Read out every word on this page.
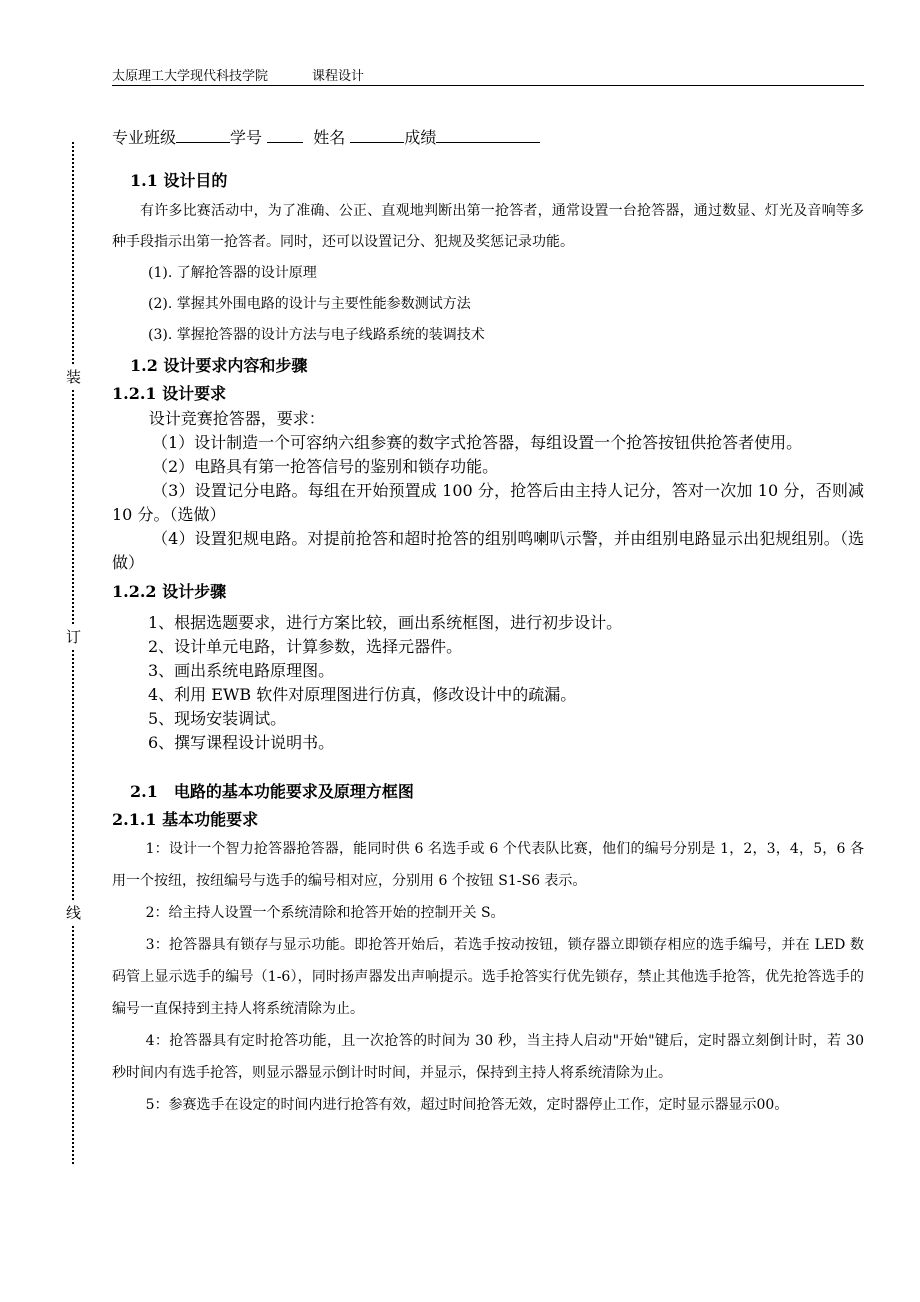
太原理工大学现代科技学院	课程设计
装
订
线
专业班级	学号	姓名	成绩
1.1 设计目的

有许多比赛活动中，为了准确、公正、直观地判断出第一抢答者，通常设置一台抢答器，通过数显、灯光及音响等多种手段指示出第一抢答者。同时，还可以设置记分、犯规及奖惩记录功能。

(1). 了解抢答器的设计原理

(2). 掌握其外围电路的设计与主要性能参数测试方法

(3). 掌握抢答器的设计方法与电子线路系统的装调技术

1.2 设计要求内容和步骤
1.2.1 设计要求

设计竞赛抢答器，要求：

（1）设计制造一个可容纳六组参赛的数字式抢答器，每组设置一个抢答按钮供抢答者使用。

（2）电路具有第一抢答信号的鉴别和锁存功能。

（3）设置记分电路。每组在开始预置成 100 分，抢答后由主持人记分，答对一次加 10 分，否则减 10 分。（选做）

（4）设置犯规电路。对提前抢答和超时抢答的组别鸣喇叭示警，并由组别电路显示出犯规组别。（选做）

1.2.2 设计步骤

1、根据选题要求，进行方案比较，画出系统框图，进行初步设计。

2、设计单元电路，计算参数，选择元器件。

3、画出系统电路原理图。

4、利用 EWB 软件对原理图进行仿真，修改设计中的疏漏。

5、现场安装调试。

6、撰写课程设计说明书。

2.1　电路的基本功能要求及原理方框图
2.1.1 基本功能要求

1：设计一个智力抢答器抢答器，能同时供 6 名选手或 6 个代表队比赛，他们的编号分别是 1，2，3，4，5，6 各用一个按纽，按纽编号与选手的编号相对应，分别用 6 个按钮 S1-S6 表示。

2：给主持人设置一个系统清除和抢答开始的控制开关 S。

3：抢答器具有锁存与显示功能。即抢答开始后，若选手按动按钮，锁存器立即锁存相应的选手编号，并在 LED 数码管上显示选手的编号（1-6），同时扬声器发出声响提示。选手抢答实行优先锁存，禁止其他选手抢答，优先抢答选手的编号一直保持到主持人将系统清除为止。

4：抢答器具有定时抢答功能，且一次抢答的时间为 30 秒，当主持人启动"开始"键后，定时器立刻倒计时，若 30 秒时间内有选手抢答，则显示器显示倒计时时间，并显示，保持到主持人将系统清除为止。

5：参赛选手在设定的时间内进行抢答有效，超过时间抢答无效，定时器停止工作，定时显示器显示00。
